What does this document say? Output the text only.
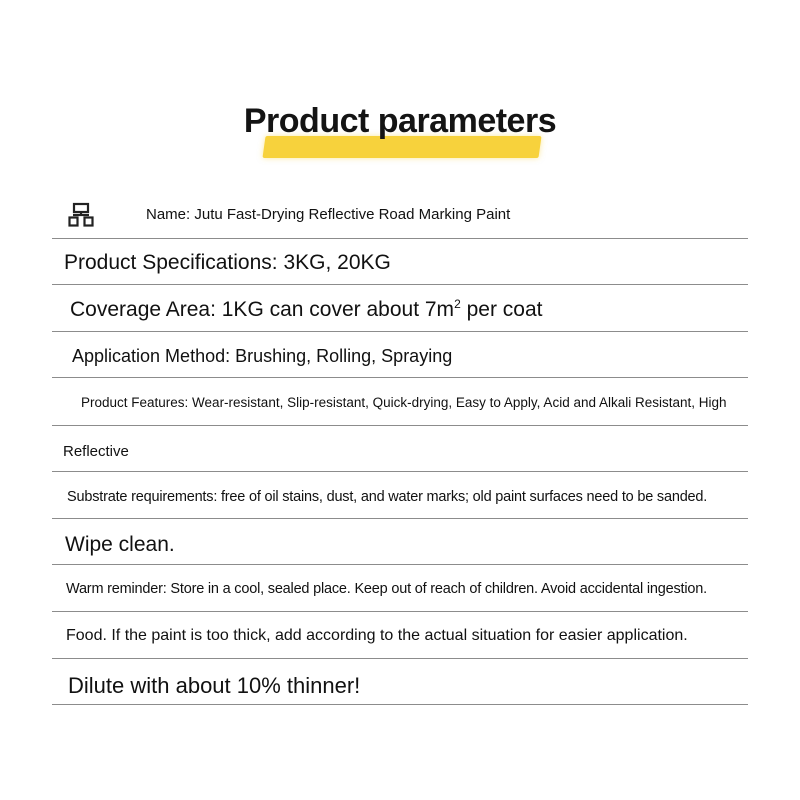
Product parameters
Name: Jutu Fast-Drying Reflective Road Marking Paint
Product Specifications: 3KG, 20KG
Coverage Area: 1KG can cover about $7m^2$ per coat
Application Method: Brushing, Rolling, Spraying
Product Features: Wear-resistant, Slip-resistant, Quick-drying, Easy to Apply, Acid and Alkali Resistant, High
Reflective
Substrate requirements: free of oil stains, dust, and water marks; old paint surfaces need to be sanded.
Wipe clean.
Warm reminder: Store in a cool, sealed place. Keep out of reach of children. Avoid accidental ingestion.
Food. If the paint is too thick, add according to the actual situation for easier application.
Dilute with about 10% thinner!
